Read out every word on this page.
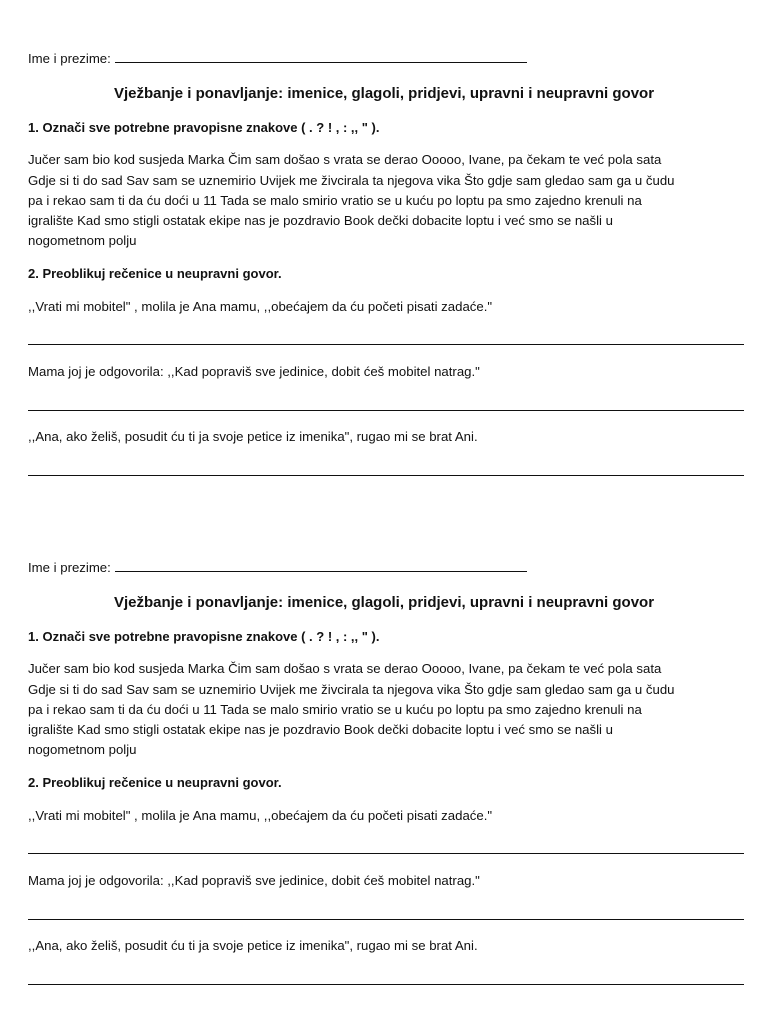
Ime i prezime:
Vježbanje i ponavljanje: imenice, glagoli, pridjevi, upravni i neupravni govor
1. Označi sve potrebne pravopisne znakove ( . ? ! , : ,, " ).
Jučer sam bio kod susjeda Marka Čim sam došao s vrata se derao Ooooo, Ivane, pa čekam te već pola sata
Gdje si ti do sad Sav sam se uznemirio Uvijek me živcirala ta njegova vika Što gdje sam gledao sam ga u čudu
pa i rekao sam ti da ću doći u 11 Tada se malo smirio vratio se u kuću po loptu pa smo zajedno krenuli na
igralište Kad smo stigli ostatak ekipe nas je pozdravio Book dečki dobacite loptu i već smo se našli u
nogometnom polju
2. Preoblikuj rečenice u neupravni govor.
,,Vrati mi mobitel" , molila je Ana mamu, ,,obećajem da ću početi pisati zadaće."
Mama joj je odgovorila: ,,Kad popraviš sve jedinice, dobit ćeš mobitel natrag."
,,Ana, ako želiš, posudit ću ti ja svoje petice iz imenika", rugao mi se brat Ani.
Ime i prezime:
Vježbanje i ponavljanje: imenice, glagoli, pridjevi, upravni i neupravni govor
1. Označi sve potrebne pravopisne znakove ( . ? ! , : ,, " ).
Jučer sam bio kod susjeda Marka Čim sam došao s vrata se derao Ooooo, Ivane, pa čekam te već pola sata
Gdje si ti do sad Sav sam se uznemirio Uvijek me živcirala ta njegova vika Što gdje sam gledao sam ga u čudu
pa i rekao sam ti da ću doći u 11 Tada se malo smirio vratio se u kuću po loptu pa smo zajedno krenuli na
igralište Kad smo stigli ostatak ekipe nas je pozdravio Book dečki dobacite loptu i već smo se našli u
nogometnom polju
2. Preoblikuj rečenice u neupravni govor.
,,Vrati mi mobitel" , molila je Ana mamu, ,,obećajem da ću početi pisati zadaće."
Mama joj je odgovorila: ,,Kad popraviš sve jedinice, dobit ćeš mobitel natrag."
,,Ana, ako želiš, posudit ću ti ja svoje petice iz imenika", rugao mi se brat Ani.
